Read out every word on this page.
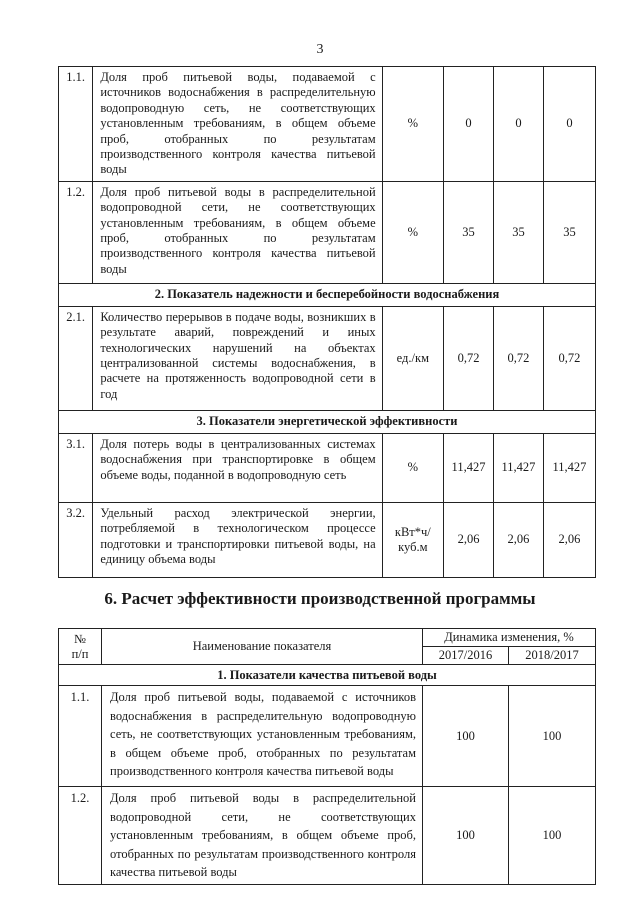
3
1.1.	Доля проб питьевой воды, подаваемой с источников водоснабжения в распределительную водопроводную сеть, не соответствующих установленным требованиям, в общем объеме проб, отобранных по результатам производственного контроля качества питьевой воды	%	0	0	0
1.2.	Доля проб питьевой воды в распределительной водопроводной сети, не соответствующих установленным требованиям, в общем объеме проб, отобранных по результатам производственного контроля качества питьевой воды	%	35	35	35
2. Показатель надежности и бесперебойности водоснабжения					
2.1.	Количество перерывов в подаче воды, возникших в результате аварий, повреждений и иных технологических нарушений на объектах централизованной системы водоснабжения, в расчете на протяженность водопроводной сети в год	ед./км	0,72	0,72	0,72
3. Показатели энергетической эффективности					
3.1.	Доля потерь воды в централизованных системах водоснабжения при транспортировке в общем объеме воды, поданной в водопроводную сеть	%	11,427	11,427	11,427
3.2.	Удельный расход электрической энергии, потребляемой в технологическом процессе подготовки и транспортировки питьевой воды, на единицу объема воды	кВт*ч/ куб.м	2,06	2,06	2,06
6. Расчет эффективности производственной программы
№
п/п	Наименование показателя	Динамика изменения, %	
		2017/2016	2018/2017
1. Показатели качества питьевой воды			
1.1.	Доля проб питьевой воды, подаваемой с источников водоснабжения в распределительную водопроводную сеть, не соответствующих установленным требованиям, в общем объеме проб, отобранных по результатам производственного контроля качества питьевой воды	100	100
1.2.	Доля проб питьевой воды в распределительной водопроводной сети, не соответствующих установленным требованиям, в общем объеме проб, отобранных по результатам производственного контроля качества питьевой воды	100	100
